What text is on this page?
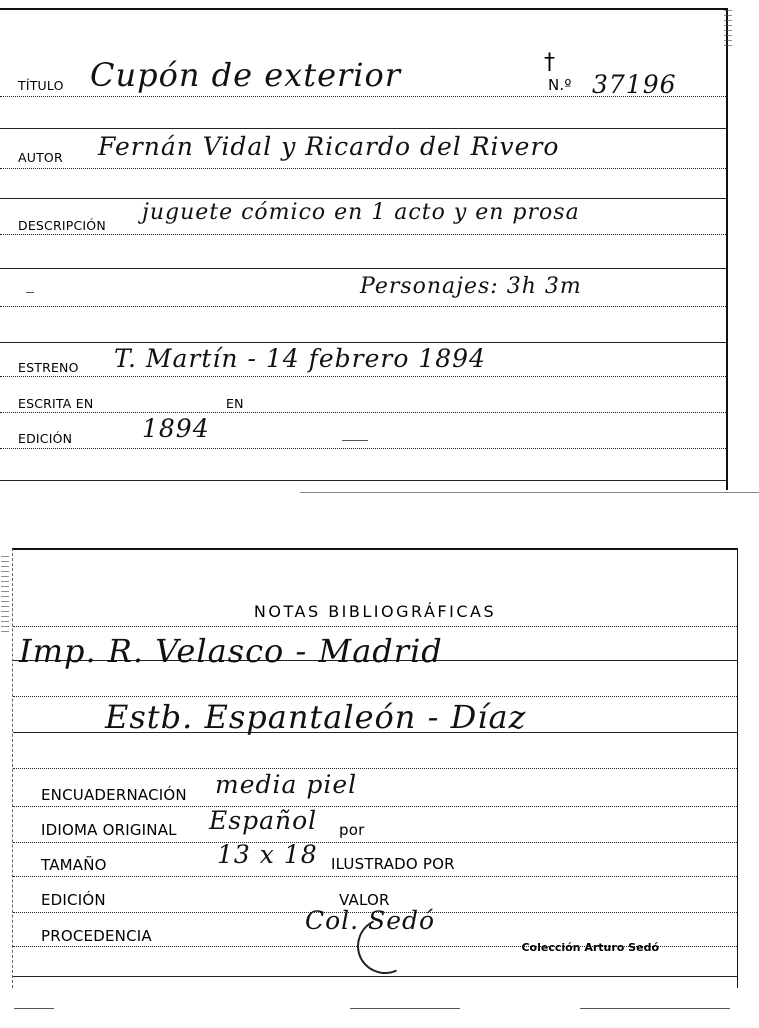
TÍTULO Cupón de exterior	†
N.º 37196
AUTOR Fernán Vidal y Ricardo del Rivero
DESCRIPCIÓN
juguete cómico en 1 acto y en prosa
Personajes: 3h 3m
ESTRENO T. Martín - 14 febrero 1894
ESCRITA EN	EN
EDICIÓN	1894
NOTAS BIBLIOGRÁFICAS
Imp. R. Velasco - Madrid
Estb. Espantaleón - Díaz
ENCUADERNACIÓN media piel
IDIOMA ORIGINAL Español por
TAMAÑO	13 x 18 ILUSTRADO POR
EDICIÓN	VALOR
PROCEDENCIA
Col. Sedó
Colección Arturo Sedó
